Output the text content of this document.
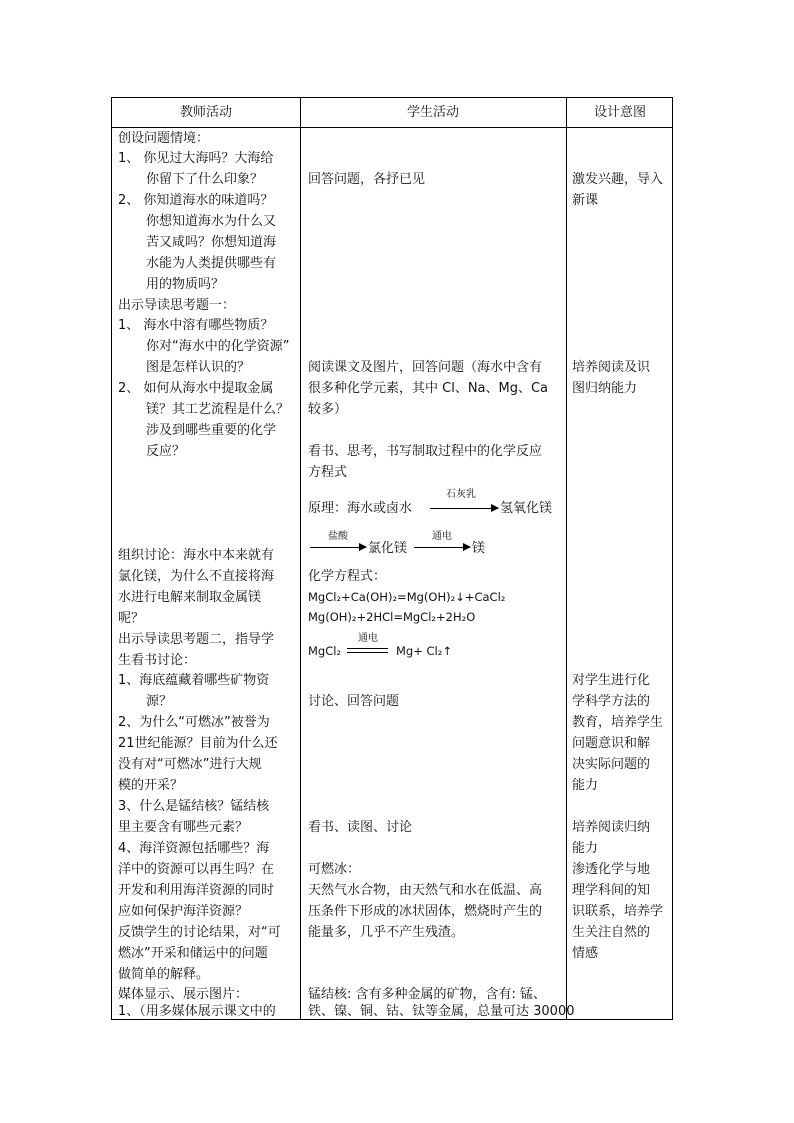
教师活动	学生活动	设计意图
创设问题情境：
1、 你见过大海吗？大海给
你留下了什么印象？
2、 你知道海水的味道吗？
你想知道海水为什么又
苦又咸吗？你想知道海
水能为人类提供哪些有
用的物质吗？
出示导读思考题一：
1、 海水中溶有哪些物质？
你对“海水中的化学资源”
图是怎样认识的？
2、 如何从海水中提取金属
镁？其工艺流程是什么？
涉及到哪些重要的化学
反应？
组织讨论：海水中本来就有
氯化镁，为什么不直接将海
水进行电解来制取金属镁
呢？
出示导读思考题二，指导学
生看书讨论：
1、海底蕴藏着哪些矿物资
源？
2、为什么“可燃冰”被誉为
21世纪能源？目前为什么还
没有对“可燃冰”进行大规
模的开采？
3、什么是锰结核？锰结核
里主要含有哪些元素？
4、海洋资源包括哪些？海
洋中的资源可以再生吗？在
开发和利用海洋资源的同时
应如何保护海洋资源？
反馈学生的讨论结果，对“可
燃冰”开采和储运中的问题
做简单的解释。
媒体显示、展示图片：
1、（用多媒体展示课文中的
回答问题，各抒已见
阅读课文及图片，回答问题（海水中含有
很多种化学元素，其中 Cl、Na、Mg、Ca
较多）
看书、思考，书写制取过程中的化学反应
方程式
原理：海水或卤水
石灰乳
氢氧化镁
盐酸
氯化镁
通电
镁
化学方程式：
MgCl₂+Ca(OH)₂=Mg(OH)₂↓+CaCl₂
Mg(OH)₂+2HCl=MgCl₂+2H₂O
MgCl₂
通电
Mg+ Cl₂↑
讨论、回答问题
看书、读图、讨论
可燃冰：
天然气水合物，由天然气和水在低温、高
压条件下形成的冰状固体，燃烧时产生的
能量多，几乎不产生残渣。
锰结核: 含有多种金属的矿物，含有: 锰、
铁、镍、铜、钴、钛等金属，总量可达 30000
激发兴趣，导入
新课
培养阅读及识
图归纳能力
对学生进行化
学科学方法的
教育，培养学生
问题意识和解
决实际问题的
能力
培养阅读归纳
能力
渗透化学与地
理学科间的知
识联系，培养学
生关注自然的
情感
